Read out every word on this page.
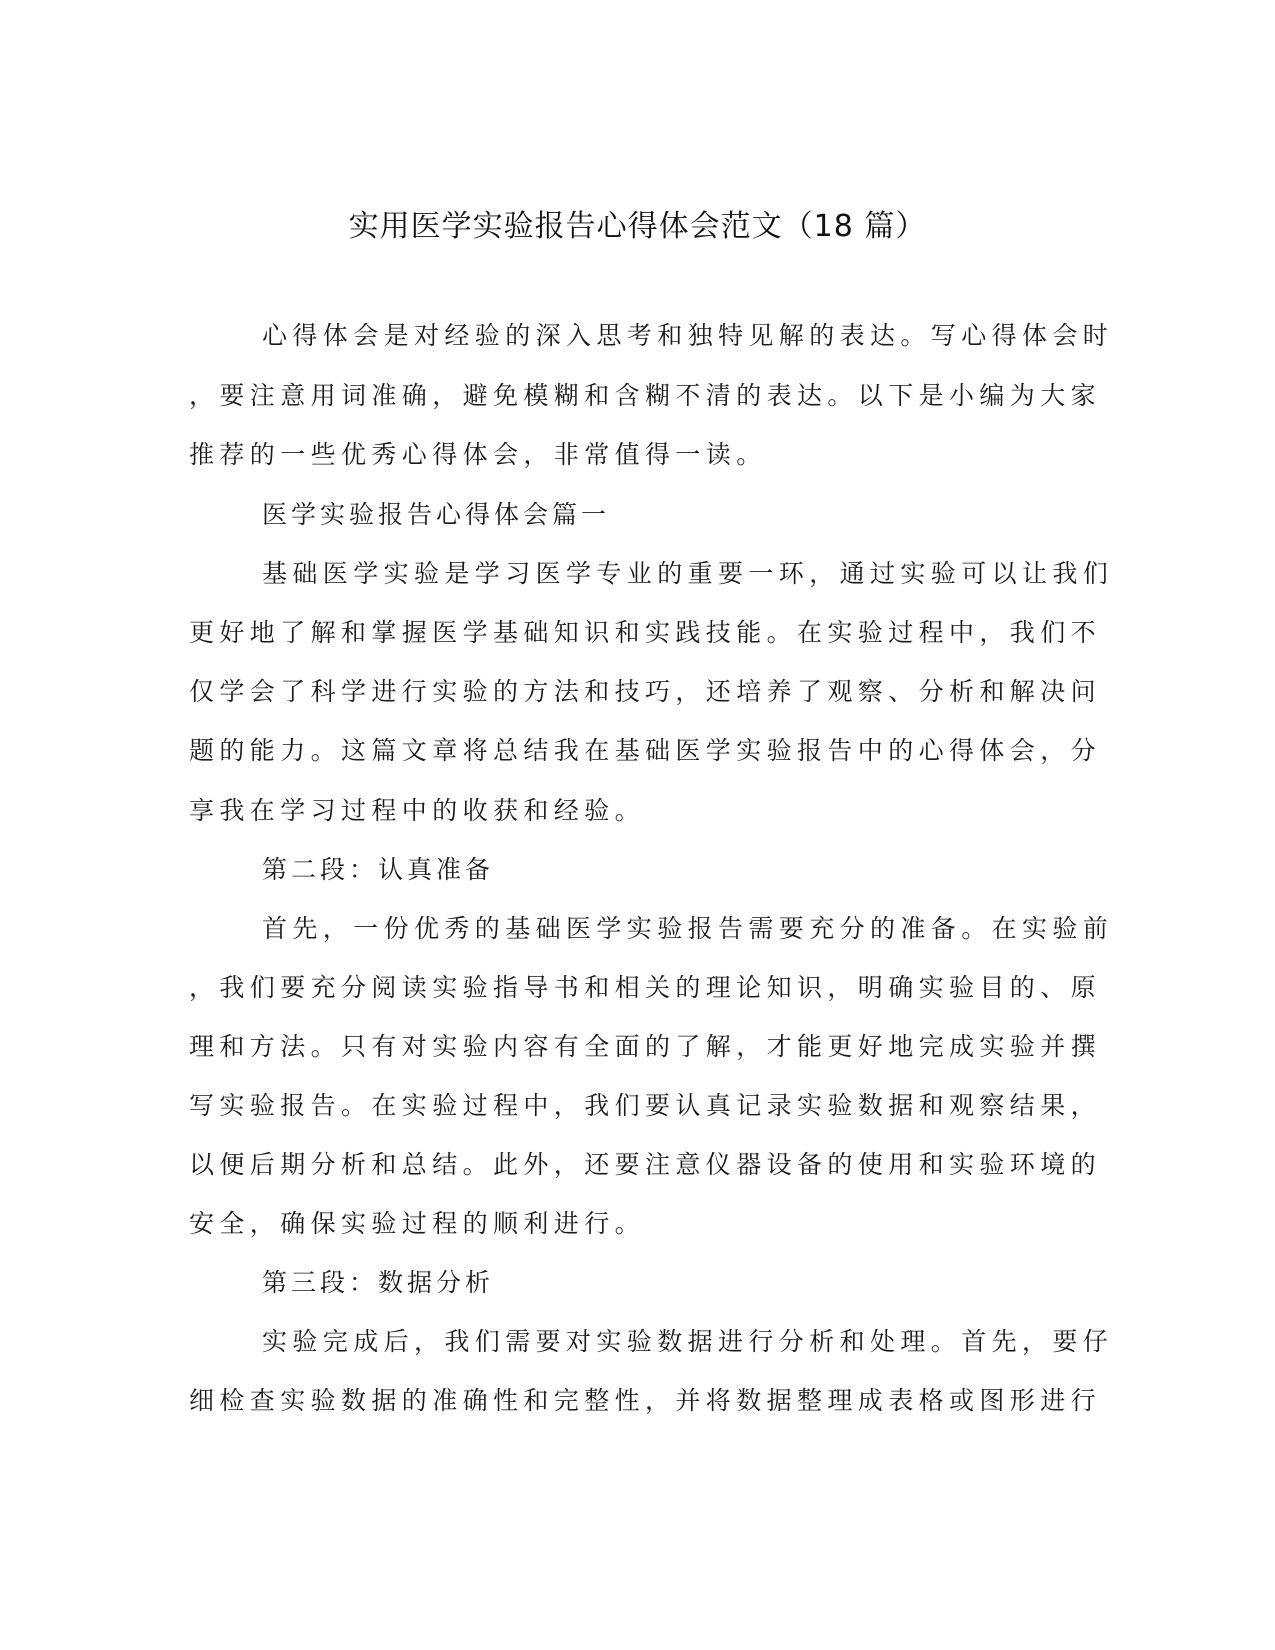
实用医学实验报告心得体会范文（18 篇）
心得体会是对经验的深入思考和独特见解的表达。写心得体会时
，要注意用词准确，避免模糊和含糊不清的表达。以下是小编为大家
推荐的一些优秀心得体会，非常值得一读。
医学实验报告心得体会篇一
基础医学实验是学习医学专业的重要一环，通过实验可以让我们
更好地了解和掌握医学基础知识和实践技能。在实验过程中，我们不
仅学会了科学进行实验的方法和技巧，还培养了观察、分析和解决问
题的能力。这篇文章将总结我在基础医学实验报告中的心得体会，分
享我在学习过程中的收获和经验。
第二段：认真准备
首先，一份优秀的基础医学实验报告需要充分的准备。在实验前
，我们要充分阅读实验指导书和相关的理论知识，明确实验目的、原
理和方法。只有对实验内容有全面的了解，才能更好地完成实验并撰
写实验报告。在实验过程中，我们要认真记录实验数据和观察结果，
以便后期分析和总结。此外，还要注意仪器设备的使用和实验环境的
安全，确保实验过程的顺利进行。
第三段：数据分析
实验完成后，我们需要对实验数据进行分析和处理。首先，要仔
细检查实验数据的准确性和完整性，并将数据整理成表格或图形进行
